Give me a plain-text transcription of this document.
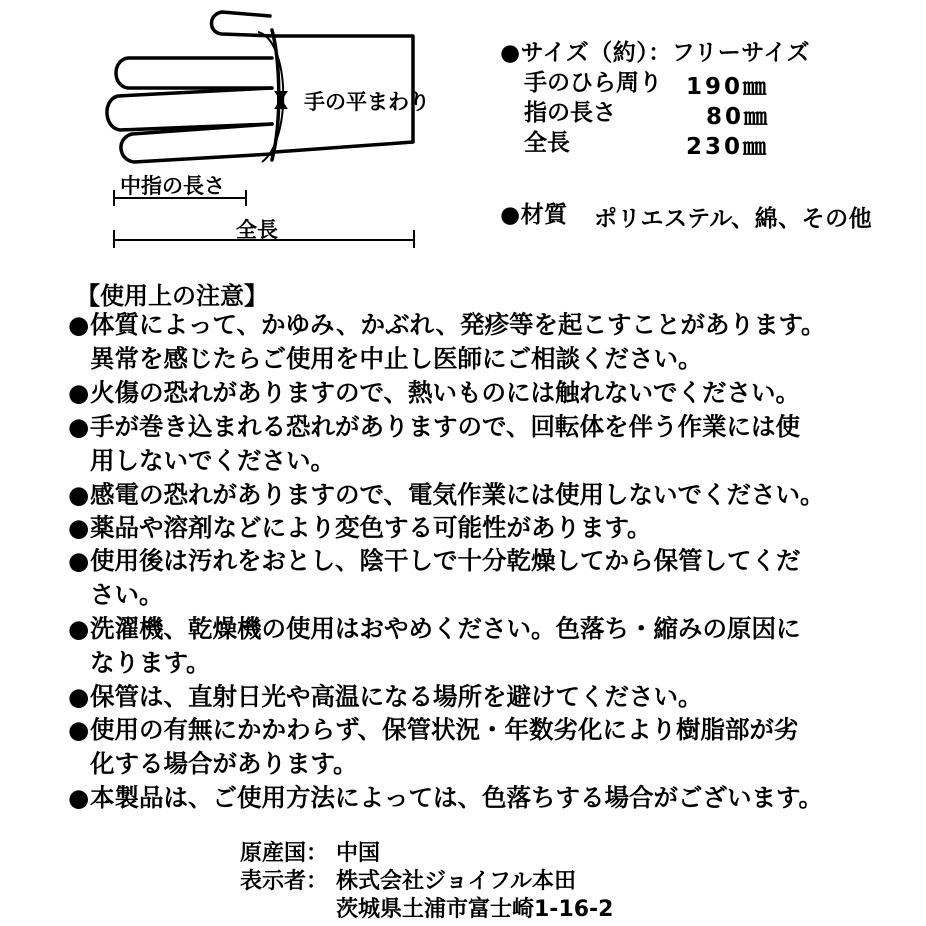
手の平まわり
中指の長さ
全長
●サイズ（約）：フリーサイズ
手のひら周り 190㎜
指の長さ	80㎜
全長	230㎜
●材質 ポリエステル、綿、その他
【使用上の注意】
●体質によって、かゆみ、かぶれ、発疹等を起こすことがあります。
異常を感じたらご使用を中止し医師にご相談ください。
●火傷の恐れがありますので、熱いものには触れないでください。
●手が巻き込まれる恐れがありますので、回転体を伴う作業には使
用しないでください。
●感電の恐れがありますので、電気作業には使用しないでください。
●薬品や溶剤などにより変色する可能性があります。
●使用後は汚れをおとし、陰干しで十分乾燥してから保管してくだ
さい。
●洗濯機、乾燥機の使用はおやめください。色落ち・縮みの原因に
なります。
●保管は、直射日光や高温になる場所を避けてください。
●使用の有無にかかわらず、保管状況・年数劣化により樹脂部が劣
化する場合があります。
●本製品は、ご使用方法によっては、色落ちする場合がございます。
原産国： 中国
表示者： 株式会社ジョイフル本田
茨城県土浦市富士崎1-16-2
